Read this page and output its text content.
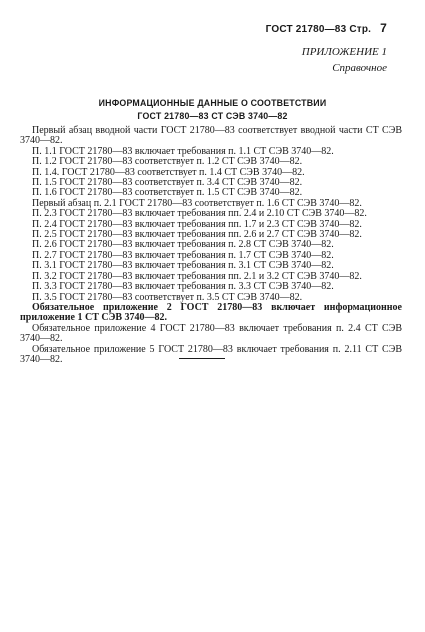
ГОСТ 21780—83 Стр. 7
ПРИЛОЖЕНИЕ 1
Справочное
ИНФОРМАЦИОННЫЕ ДАННЫЕ О СООТВЕТСТВИИ
ГОСТ 21780—83 СТ СЭВ 3740—82

Первый абзац вводной части ГОСТ 21780—83 соответствует вводной части СТ СЭВ 3740—82.

П. 1.1 ГОСТ 21780—83 включает требования п. 1.1 СТ СЭВ 3740—82.

П. 1.2 ГОСТ 21780—83 соответствует п. 1.2 СТ СЭВ 3740—82.

П. 1.4. ГОСТ 21780—83 соответствует п. 1.4 СТ СЭВ 3740—82.

П. 1.5 ГОСТ 21780—83 соответствует п. 3.4 СТ СЭВ 3740—82.

П. 1.6 ГОСТ 21780—83 соответствует п. 1.5 СТ СЭВ 3740—82.

Первый абзац п. 2.1 ГОСТ 21780—83 соответствует п. 1.6 СТ СЭВ 3740—82.

П. 2.3 ГОСТ 21780—83 включает требования пп. 2.4 и 2.10 СТ СЭВ 3740—82.

П. 2.4 ГОСТ 21780—83 включает требования пп. 1.7 и 2.3 СТ СЭВ 3740—82.

П. 2.5 ГОСТ 21780—83 включает требования пп. 2.6 и 2.7 СТ СЭВ 3740—82.

П. 2.6 ГОСТ 21780—83 включает требования п. 2.8 СТ СЭВ 3740—82.

П. 2.7 ГОСТ 21780—83 включает требования п. 1.7 СТ СЭВ 3740—82.

П. 3.1 ГОСТ 21780—83 включает требования п. 3.1 СТ СЭВ 3740—82.

П. 3.2 ГОСТ 21780—83 включает требования пп. 2.1 и 3.2 СТ СЭВ 3740—82.

П. 3.3 ГОСТ 21780—83 включает требования п. 3.3 СТ СЭВ 3740—82.

П. 3.5 ГОСТ 21780—83 соответствует п. 3.5 СТ СЭВ 3740—82.

Обязательное приложение 2 ГОСТ 21780—83 включает информационное приложение 1 СТ СЭВ 3740—82.

Обязательное приложение 4 ГОСТ 21780—83 включает требования п. 2.4 СТ СЭВ 3740—82.

Обязательное приложение 5 ГОСТ 21780—83 включает требования п. 2.11 СТ СЭВ 3740—82.
